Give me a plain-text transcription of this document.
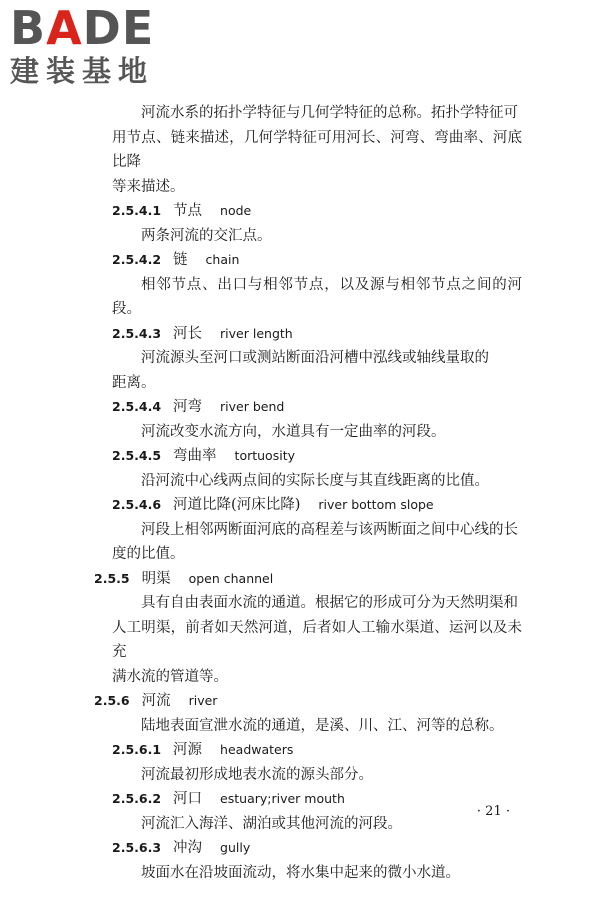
BADE
建装基地
河流水系的拓扑学特征与几何学特征的总称。拓扑学特征可
用节点、链来描述，几何学特征可用河长、河弯、弯曲率、河底比降
等来描述。
2.5.4.1 节点 node
两条河流的交汇点。
2.5.4.2 链 chain
相邻节点、出口与相邻节点，以及源与相邻节点之间的河段。
2.5.4.3 河长 river length
河流源头至河口或测站断面沿河槽中泓线或轴线量取的
距离。
2.5.4.4 河弯 river bend
河流改变水流方向，水道具有一定曲率的河段。
2.5.4.5 弯曲率 tortuosity
沿河流中心线两点间的实际长度与其直线距离的比值。
2.5.4.6 河道比降(河床比降) river bottom slope
河段上相邻两断面河底的高程差与该两断面之间中心线的长
度的比值。
2.5.5 明渠 open channel
具有自由表面水流的通道。根据它的形成可分为天然明渠和
人工明渠，前者如天然河道，后者如人工输水渠道、运河以及未充
满水流的管道等。
2.5.6 河流 river
陆地表面宣泄水流的通道，是溪、川、江、河等的总称。
2.5.6.1 河源 headwaters
河流最初形成地表水流的源头部分。
2.5.6.2 河口 estuary;river mouth
河流汇入海洋、湖泊或其他河流的河段。
2.5.6.3 冲沟 gully
坡面水在沿坡面流动，将水集中起来的微小水道。
· 21 ·
